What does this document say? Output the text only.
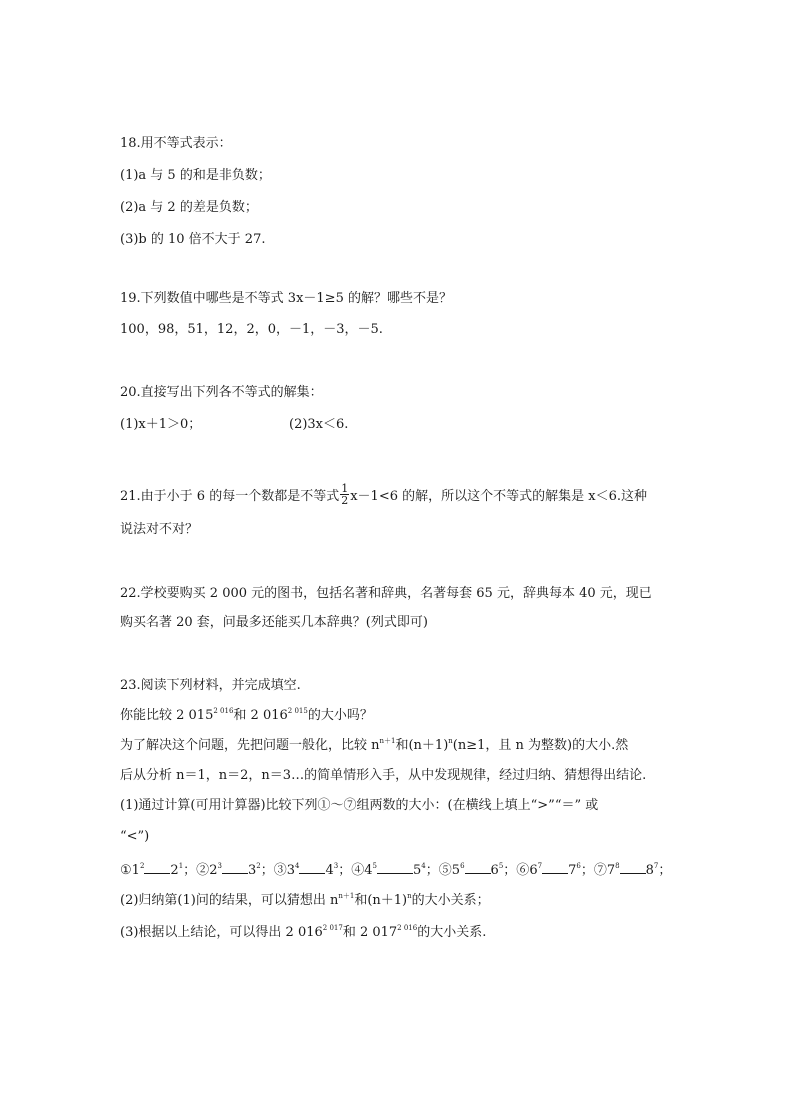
18.用不等式表示：
(1)a 与 5 的和是非负数；
(2)a 与 2 的差是负数；
(3)b 的 10 倍不大于 27.
19.下列数值中哪些是不等式 3x－1≥5 的解？哪些不是？
100，98，51，12，2，0，－1，－3，－5.
20.直接写出下列各不等式的解集：
(1)x＋1＞0；	(2)3x＜6.
21.由于小于 6 的每一个数都是不等式 $\frac{1}{2} x-1<6$ 的解，所以这个不等式的解集是 x＜6.这种
说法对不对？
22.学校要购买 2 000 元的图书，包括名著和辞典，名著每套 65 元，辞典每本 40 元，现已
购买名著 20 套，问最多还能买几本辞典？(列式即可)
23.阅读下列材料，并完成填空.
你能比较 2 $015^{2 016}$和 2 $016^{2 015}$的大小吗？
为了解决这个问题，先把问题一般化，比较 $n^{n+1}$和$(n+1)^n(n\ge 1$，且 n 为整数)的大小.然
后从分析 n＝1，n＝2，n＝3…的简单情形入手，从中发现规律，经过归纳、猜想得出结论.
(1)通过计算(可用计算器)比较下列①～⑦组两数的大小：(在横线上填上“>”“＝” 或
“<”)
$①1^2$ $2^1$；$②2^3$ $3^2$；$③3^4$ $4^3$；$④4^5$	$5^4$；$⑤5^6$ $6^5$；$⑥6^7$ $7^6$；$⑦7^8$ $8^7$；
(2)归纳第(1)问的结果，可以猜想出 $n^{n+1}$和$(n+1)^n$的大小关系；
(3)根据以上结论，可以得出 2 $016^{2 017}$和 2 $017^{2 016}$的大小关系.
